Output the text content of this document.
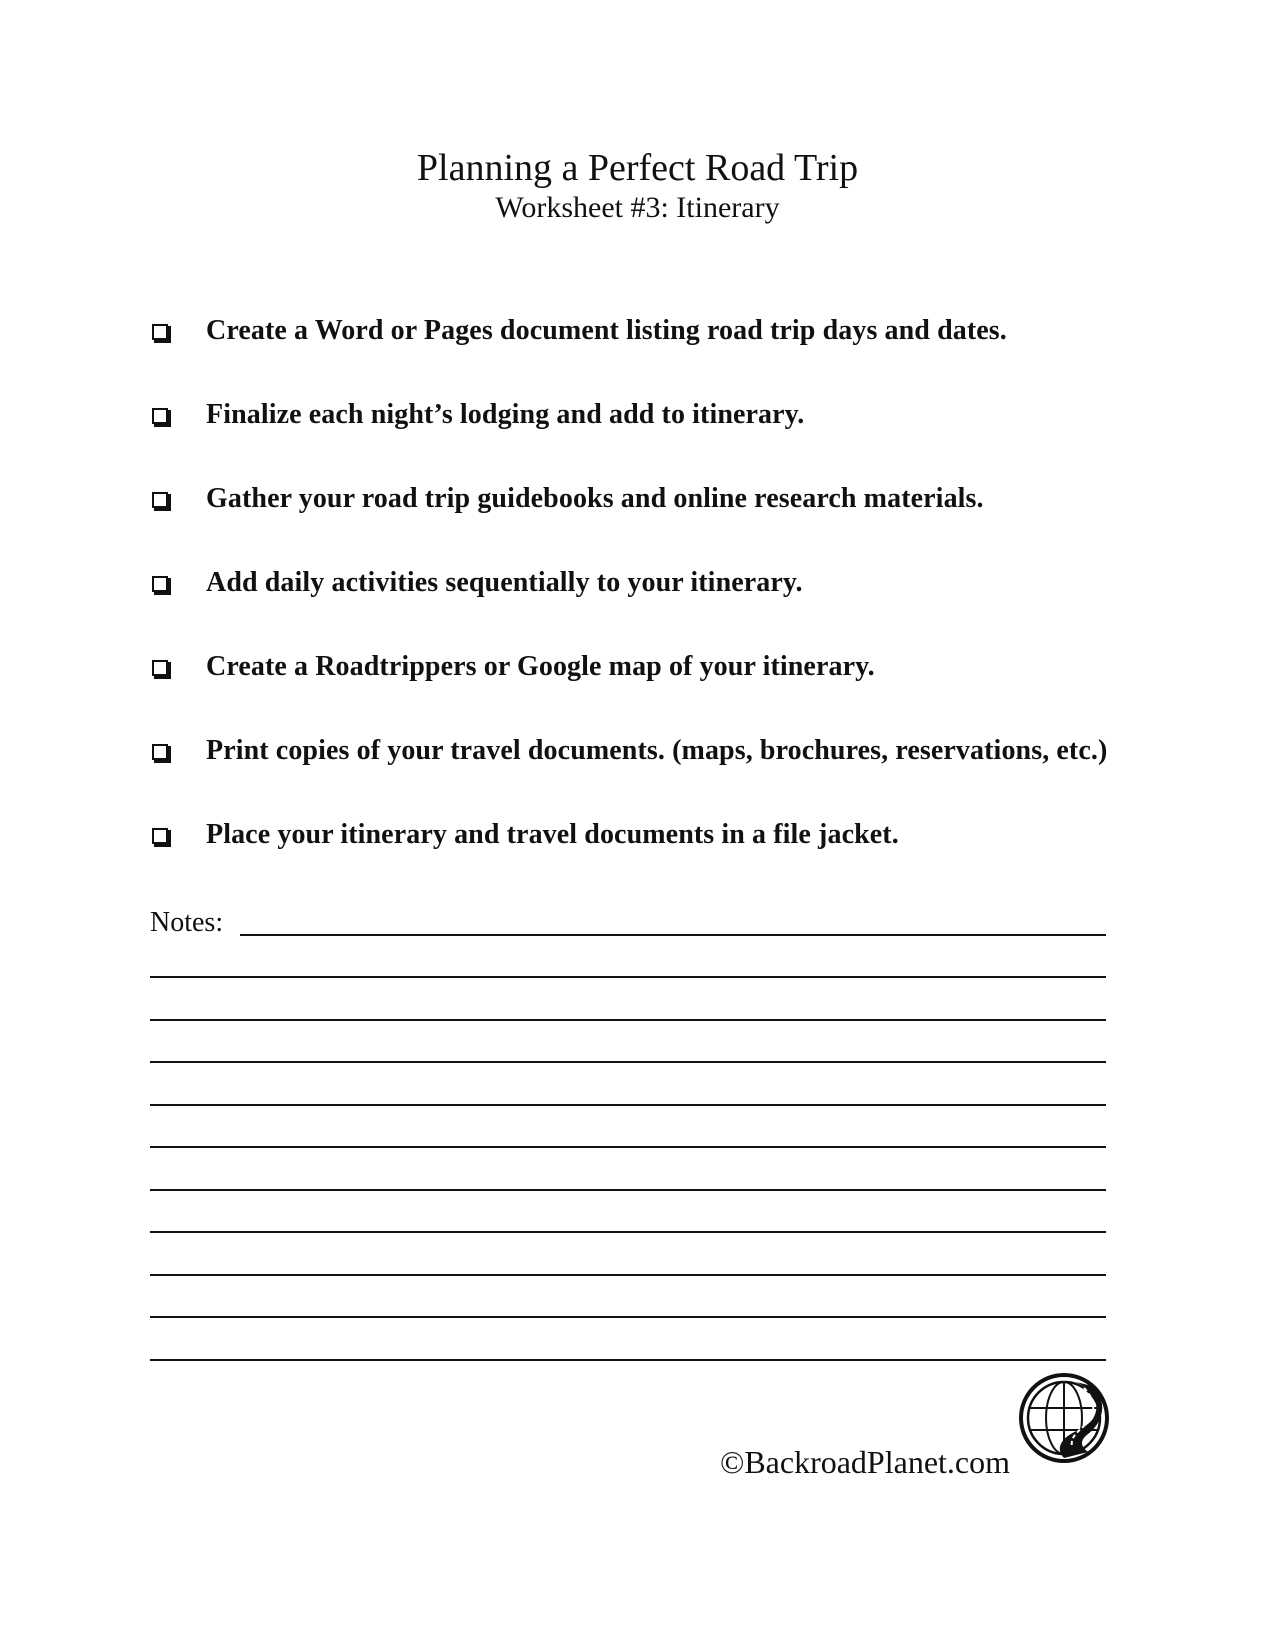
Planning a Perfect Road Trip
Worksheet #3: Itinerary
Create a Word or Pages document listing road trip days and dates.
Finalize each night’s lodging and add to itinerary.
Gather your road trip guidebooks and online research materials.
Add daily activities sequentially to your itinerary.
Create a Roadtrippers or Google map of your itinerary.
Print copies of your travel documents. (maps, brochures, reservations, etc.)
Place your itinerary and travel documents in a file jacket.
Notes:
©BackroadPlanet.com
